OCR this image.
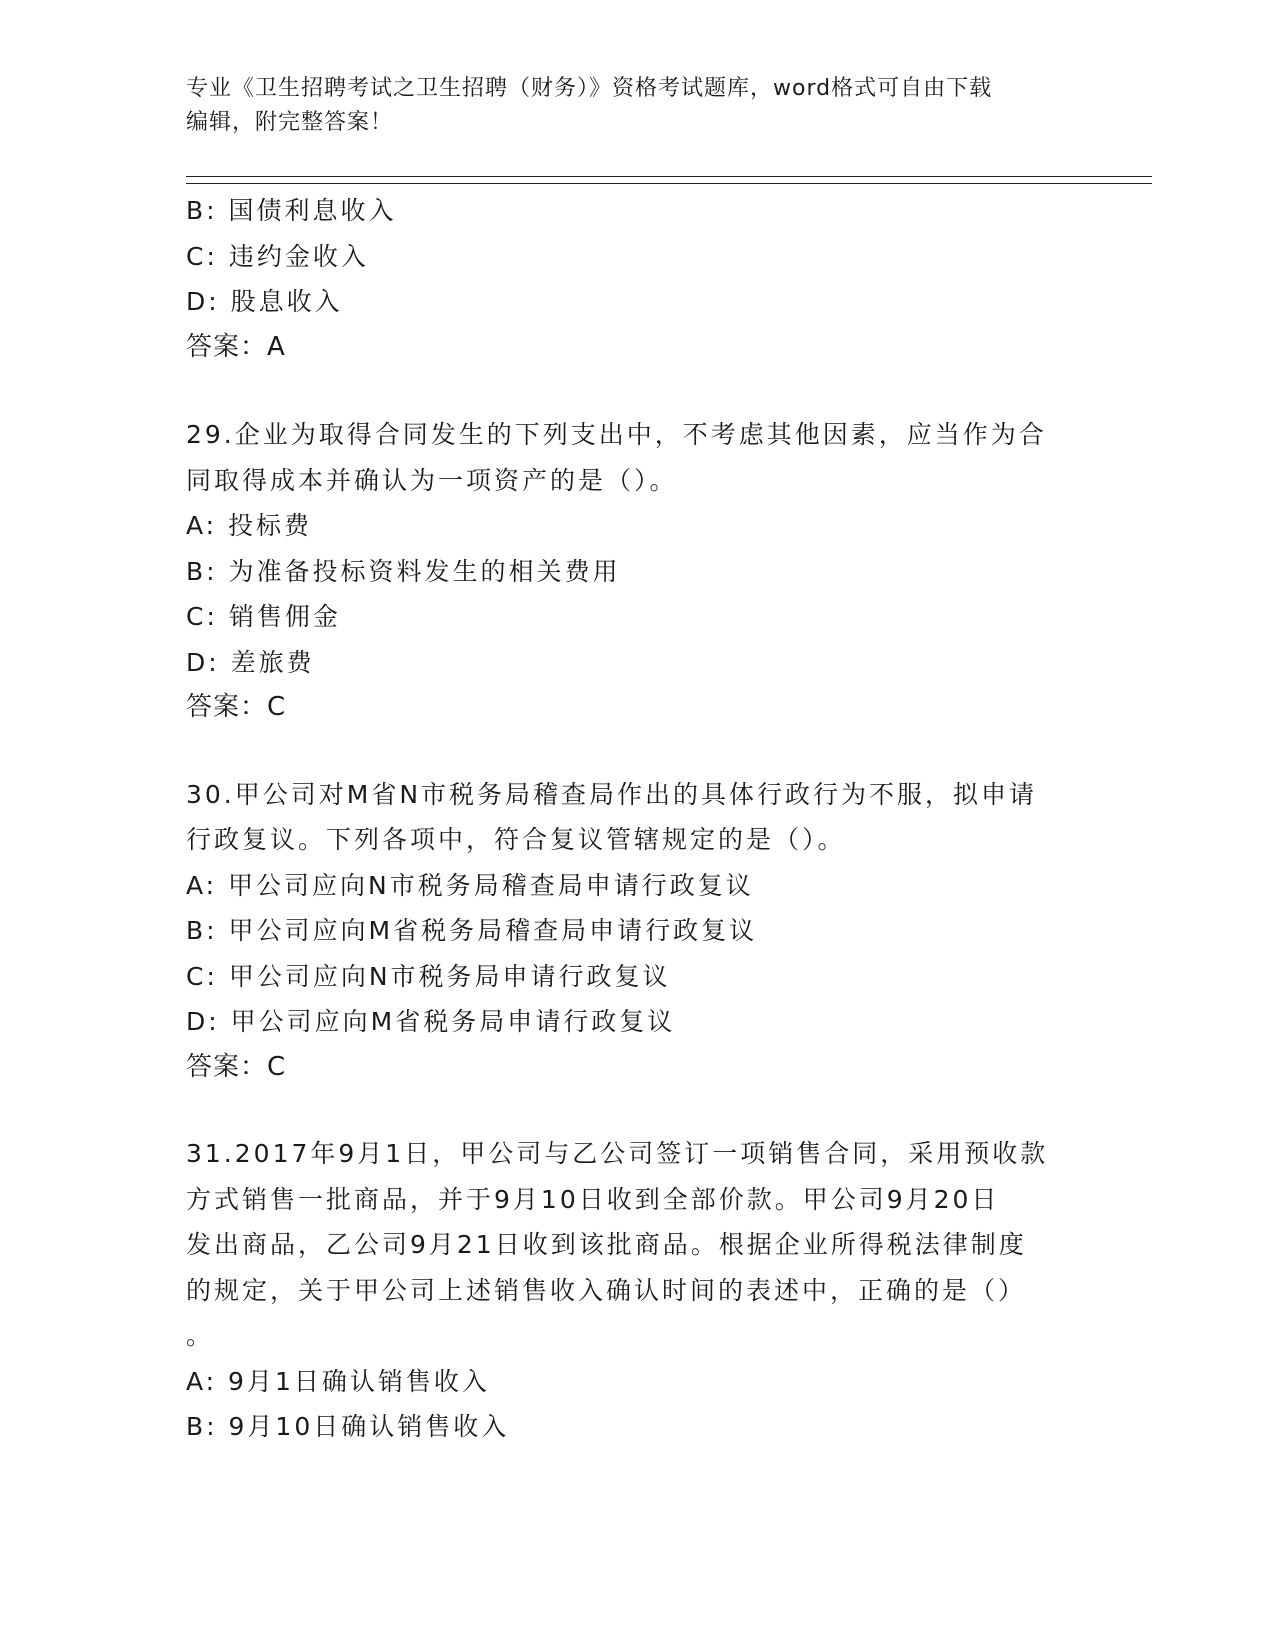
专业《卫生招聘考试之卫生招聘（财务）》资格考试题库，word格式可自由下载
编辑，附完整答案！
B: 国债利息收入
C: 违约金收入
D: 股息收入
答案：A
29.企业为取得合同发生的下列支出中，不考虑其他因素，应当作为合
同取得成本并确认为一项资产的是（）。
A: 投标费
B: 为准备投标资料发生的相关费用
C: 销售佣金
D: 差旅费
答案：C
30.甲公司对M省N市税务局稽查局作出的具体行政行为不服，拟申请
行政复议。下列各项中，符合复议管辖规定的是（）。
A: 甲公司应向N市税务局稽查局申请行政复议
B: 甲公司应向M省税务局稽查局申请行政复议
C: 甲公司应向N市税务局申请行政复议
D: 甲公司应向M省税务局申请行政复议
答案：C
31.2017年9月1日，甲公司与乙公司签订一项销售合同，采用预收款
方式销售一批商品，并于9月10日收到全部价款。甲公司9月20日
发出商品，乙公司9月21日收到该批商品。根据企业所得税法律制度
的规定，关于甲公司上述销售收入确认时间的表述中，正确的是（）
。
A: 9月1日确认销售收入
B: 9月10日确认销售收入
